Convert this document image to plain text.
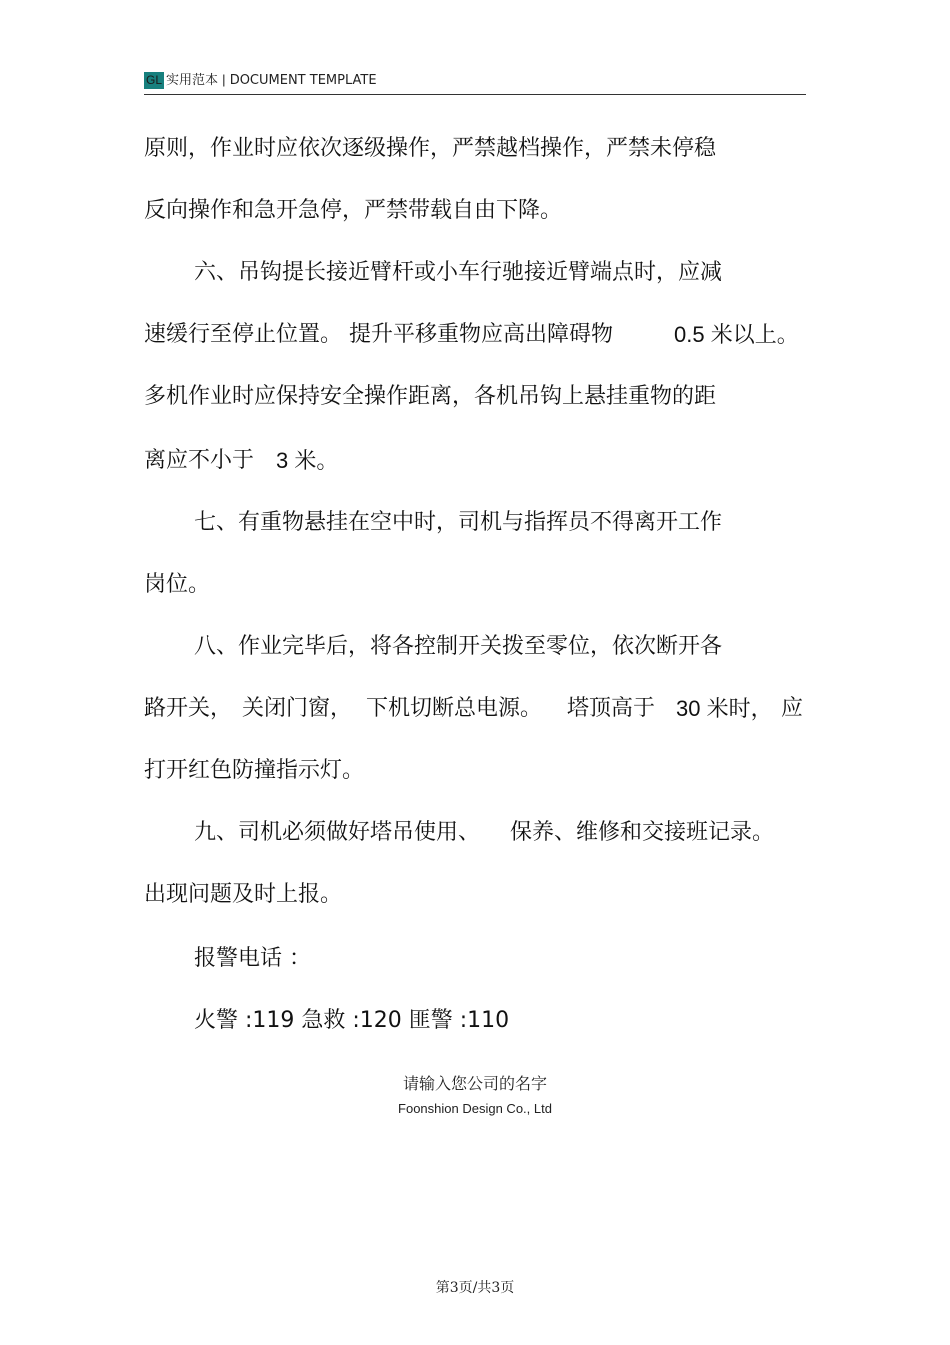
GL 实用范本 | DOCUMENT TEMPLATE
原则，作业时应依次逐级操作，严禁越档操作，严禁未停稳
反向操作和急开急停，严禁带载自由下降。
六、吊钩提长接近臂杆或小车行驰接近臂端点时，应减
速缓行至停止位置。 提升平移重物应高出障碍物	0.5 米以上。
多机作业时应保持安全操作距离，各机吊钩上悬挂重物的距
离应不小于 3 米。
七、有重物悬挂在空中时，司机与指挥员不得离开工作
岗位。
八、作业完毕后，将各控制开关拨至零位，依次断开各
路开关， 关闭门窗， 下机切断总电源。 塔顶高于 30 米时， 应
打开红色防撞指示灯。
九、司机必须做好塔吊使用、 保养、维修和交接班记录。
出现问题及时上报。
报警电话 ：
火警 :119 急救 :120 匪警 :110
请输入您公司的名字
Foonshion Design Co., Ltd
第3页/共3页
